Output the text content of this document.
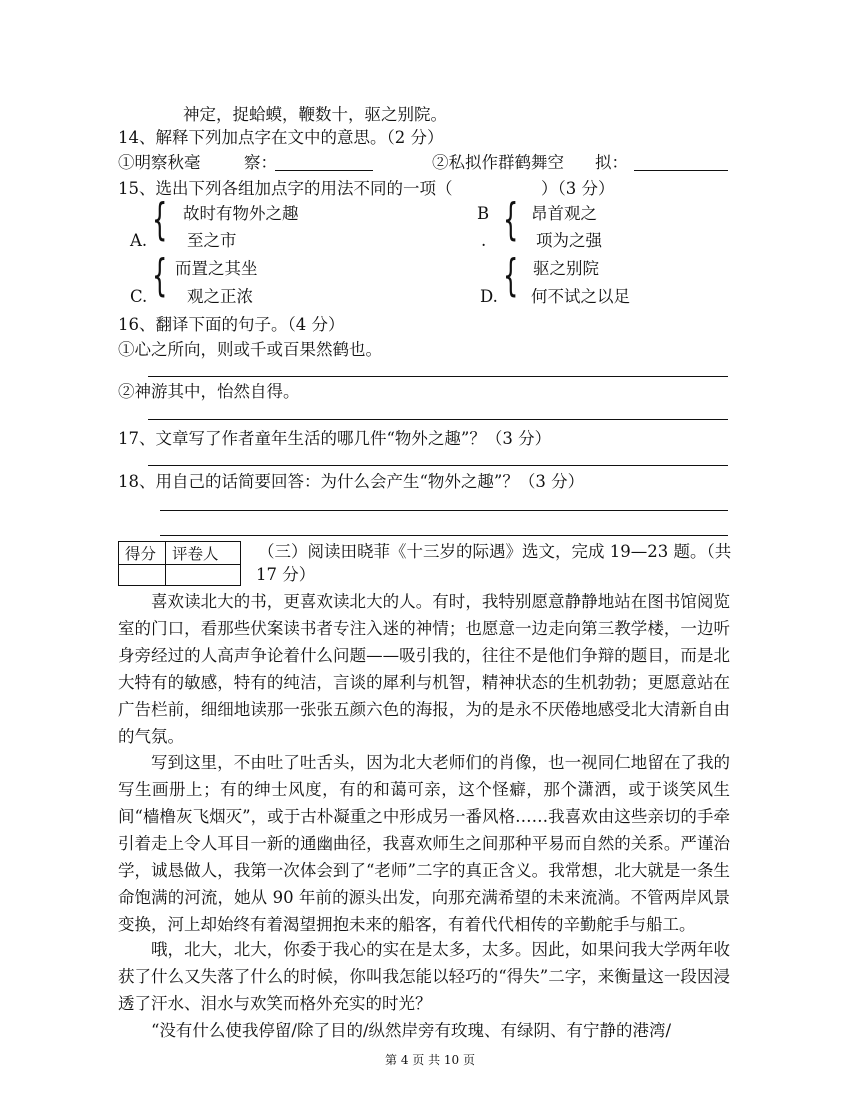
神定，捉蛤蟆，鞭数十，驱之别院。
14、解释下列加点字在文中的意思。（2 分）
①明察秋毫	察：	②私拟作群鹤舞空 拟：
15、选出下列各组加点字的用法不同的一项（	）（3 分）
A. { 故时有物外之趣
至之市
B
. { 昂首观之
项为之强
C. { 而置之其坐
观之正浓	D. { 驱之别院
何不试之以足
16、翻译下面的句子。（4 分）
①心之所向，则或千或百果然鹤也。
②神游其中，怡然自得。
17、文章写了作者童年生活的哪几件“物外之趣”？（3 分）
18、用自己的话简要回答：为什么会产生“物外之趣”？（3 分）
得分	评卷人
	（三）阅读田晓菲《十三岁的际遇》选文，完成 19—23 题。（共
17 分）

喜欢读北大的书，更喜欢读北大的人。有时，我特别愿意静静地站在图书馆阅览室的门口，看那些伏案读书者专注入迷的神情；也愿意一边走向第三教学楼，一边听身旁经过的人高声争论着什么问题——吸引我的，往往不是他们争辩的题目，而是北大特有的敏感，特有的纯洁，言谈的犀利与机智，精神状态的生机勃勃；更愿意站在广告栏前，细细地读那一张张五颜六色的海报，为的是永不厌倦地感受北大清新自由的气氛。

写到这里，不由吐了吐舌头，因为北大老师们的肖像，也一视同仁地留在了我的写生画册上；有的绅士风度，有的和蔼可亲，这个怪癖，那个潇洒，或于谈笑风生间“樯橹灰飞烟灭”，或于古朴凝重之中形成另一番风格……我喜欢由这些亲切的手牵引着走上令人耳目一新的通幽曲径，我喜欢师生之间那种平易而自然的关系。严谨治学，诚恳做人，我第一次体会到了“老师”二字的真正含义。我常想，北大就是一条生命饱满的河流，她从 90 年前的源头出发，向那充满希望的未来流淌。不管两岸风景变换，河上却始终有着渴望拥抱未来的船客，有着代代相传的辛勤舵手与船工。

哦，北大，北大，你委于我心的实在是太多，太多。因此，如果问我大学两年收获了什么又失落了什么的时候，你叫我怎能以轻巧的“得失”二字，来衡量这一段因浸透了汗水、泪水与欢笑而格外充实的时光？

“没有什么使我停留/除了目的/纵然岸旁有玫瑰、有绿阴、有宁静的港湾/

第 4 页 共 10 页
